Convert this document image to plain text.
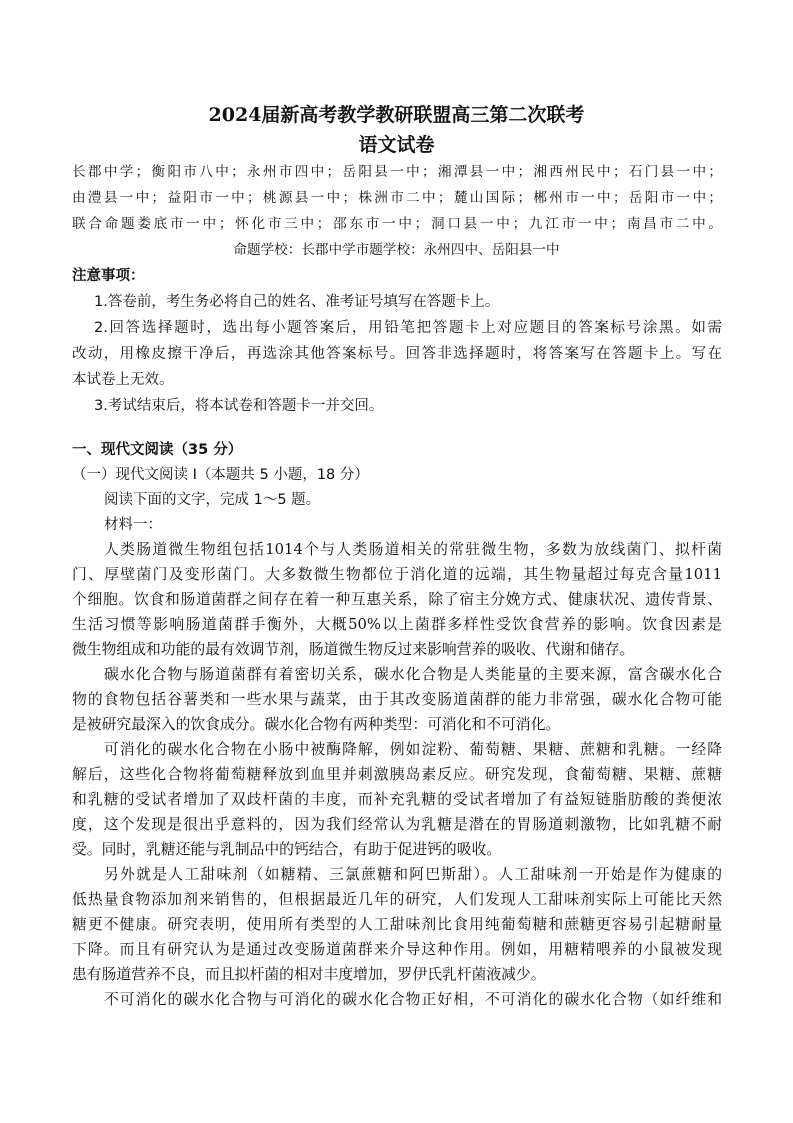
2024届新高考教学教研联盟高三第二次联考
语文试卷
长郡中学；衡阳市八中；永州市四中；岳阳县一中；湘潭县一中；湘西州民中；石门县一中；
由澧县一中；益阳市一中；桃源县一中；株洲市二中；麓山国际；郴州市一中；岳阳市一中；
联合命题娄底市一中；怀化市三中；邵东市一中；洞口县一中；九江市一中；南昌市二中。
命题学校：长郡中学市题学校：永州四中、岳阳县一中
注意事项：
1.答卷前，考生务必将自己的姓名、准考证号填写在答题卡上。
2.回答选择题时，选出每小题答案后，用铅笔把答题卡上对应题目的答案标号涂黑。如需
改动，用橡皮擦干净后，再选涂其他答案标号。回答非选择题时，将答案写在答题卡上。写在
本试卷上无效。
3.考试结束后，将本试卷和答题卡一并交回。
一、现代文阅读（35 分）
（一）现代文阅读 I（本题共 5 小题，18 分）
阅读下面的文字，完成 1～5 题。
材料一：
人类肠道微生物组包括1014个与人类肠道相关的常驻微生物，多数为放线菌门、拟杆菌
门、厚壁菌门及变形菌门。大多数微生物都位于消化道的远端，其生物量超过每克含量1011
个细胞。饮食和肠道菌群之间存在着一种互惠关系，除了宿主分娩方式、健康状况、遗传背景、
生活习惯等影响肠道菌群手衡外，大概50%以上菌群多样性受饮食营养的影响。饮食因素是
微生物组成和功能的最有效调节剂，肠道微生物反过来影响营养的吸收、代谢和储存。
碳水化合物与肠道菌群有着密切关系，碳水化合物是人类能量的主要来源，富含碳水化合
物的食物包括谷薯类和一些水果与蔬菜，由于其改变肠道菌群的能力非常强，碳水化合物可能
是被研究最深入的饮食成分。碳水化合物有两种类型：可消化和不可消化。
可消化的碳水化合物在小肠中被酶降解，例如淀粉、葡萄糖、果糖、蔗糖和乳糖。一经降
解后，这些化合物将葡萄糖释放到血里并刺激胰岛素反应。研究发现，食葡萄糖、果糖、蔗糖
和乳糖的受试者增加了双歧杆菌的丰度，而补充乳糖的受试者增加了有益短链脂肪酸的粪便浓
度，这个发现是很出乎意料的，因为我们经常认为乳糖是潜在的胃肠道刺激物，比如乳糖不耐
受。同时，乳糖还能与乳制品中的钙结合，有助于促进钙的吸收。
另外就是人工甜味剂（如糖精、三氯蔗糖和阿巴斯甜）。人工甜味剂一开始是作为健康的
低热量食物添加剂来销售的，但根据最近几年的研究，人们发现人工甜味剂实际上可能比天然
糖更不健康。研究表明，使用所有类型的人工甜味剂比食用纯葡萄糖和蔗糖更容易引起糖耐量
下降。而且有研究认为是通过改变肠道菌群来介导这种作用。例如，用糖精喂养的小鼠被发现
患有肠道营养不良，而且拟杆菌的相对丰度增加，罗伊氏乳杆菌液减少。
不可消化的碳水化合物与可消化的碳水化合物正好相，不可消化的碳水化合物（如纤维和
